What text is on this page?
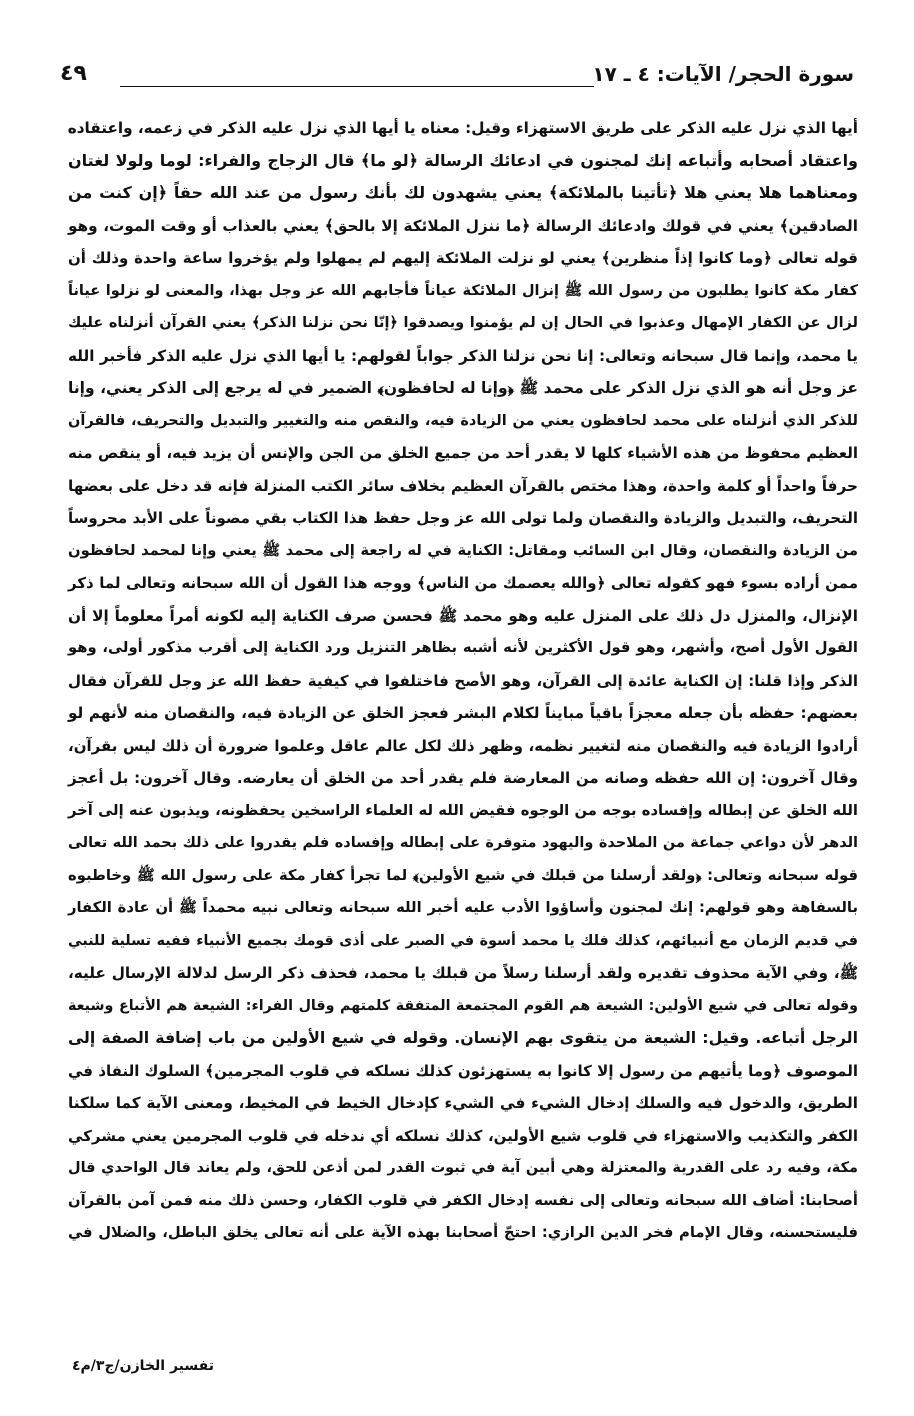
سورة الحجر/ الآيات: ٤ ـ ١٧
٤٩
أيها الذي نزل عليه الذكر على طريق الاستهزاء وقيل: معناه يا أيها الذي نزل عليه الذكر في زعمه، واعتقاده
واعتقاد أصحابه وأتباعه إنك لمجنون في ادعائك الرسالة ﴿لو ما﴾ قال الزجاج والفراء: لوما ولولا لغتان
ومعناهما هلا يعني هلا ﴿تأتينا بالملائكة﴾ يعني يشهدون لك بأنك رسول من عند الله حقاً ﴿إن كنت من
الصادقين﴾ يعني في قولك وادعائك الرسالة ﴿ما ننزل الملائكة إلا بالحق﴾ يعني بالعذاب أو وقت الموت، وهو
قوله تعالى ﴿وما كانوا إذاً منظرين﴾ يعني لو نزلت الملائكة إليهم لم يمهلوا ولم يؤخروا ساعة واحدة وذلك أن
كفار مكة كانوا يطلبون من رسول الله ﷺ إنزال الملائكة عياناً فأجابهم الله عز وجل بهذا، والمعنى لو نزلوا عياناً
لزال عن الكفار الإمهال وعذبوا في الحال إن لم يؤمنوا ويصدقوا ﴿إنّا نحن نزلنا الذكر﴾ يعني القرآن أنزلناه عليك
يا محمد، وإنما قال سبحانه وتعالى: إنا نحن نزلنا الذكر جواباً لقولهم: يا أيها الذي نزل عليه الذكر فأخبر الله
عز وجل أنه هو الذي نزل الذكر على محمد ﷺ ﴿وإنا له لحافظون﴾ الضمير في له يرجع إلى الذكر يعني، وإنا
للذكر الذي أنزلناه على محمد لحافظون يعني من الزيادة فيه، والنقص منه والتغيير والتبديل والتحريف، فالقرآن
العظيم محفوظ من هذه الأشياء كلها لا يقدر أحد من جميع الخلق من الجن والإنس أن يزيد فيه، أو ينقص منه
حرفاً واحداً أو كلمة واحدة، وهذا مختص بالقرآن العظيم بخلاف سائر الكتب المنزلة فإنه قد دخل على بعضها
التحريف، والتبديل والزيادة والنقصان ولما تولى الله عز وجل حفظ هذا الكتاب بقي مصوناً على الأبد محروساً
من الزيادة والنقصان، وقال ابن السائب ومقاتل: الكناية في له راجعة إلى محمد ﷺ يعني وإنا لمحمد لحافظون
ممن أراده بسوء فهو كقوله تعالى ﴿والله يعصمك من الناس﴾ ووجه هذا القول أن الله سبحانه وتعالى لما ذكر
الإنزال، والمنزل دل ذلك على المنزل عليه وهو محمد ﷺ فحسن صرف الكناية إليه لكونه أمراً معلوماً إلا أن
القول الأول أصح، وأشهر، وهو قول الأكثرين لأنه أشبه بظاهر التنزيل ورد الكناية إلى أقرب مذكور أولى، وهو
الذكر وإذا قلنا: إن الكناية عائدة إلى القرآن، وهو الأصح فاختلفوا في كيفية حفظ الله عز وجل للقرآن فقال
بعضهم: حفظه بأن جعله معجزاً باقياً مبايناً لكلام البشر فعجز الخلق عن الزيادة فيه، والنقصان منه لأنهم لو
أرادوا الزيادة فيه والنقصان منه لتغيير نظمه، وظهر ذلك لكل عالم عاقل وعلموا ضرورة أن ذلك ليس بقرآن،
وقال آخرون: إن الله حفظه وصانه من المعارضة فلم يقدر أحد من الخلق أن يعارضه. وقال آخرون: بل أعجز
الله الخلق عن إبطاله وإفساده بوجه من الوجوه فقيض الله له العلماء الراسخين يحفظونه، ويذبون عنه إلى آخر
الدهر لأن دواعي جماعة من الملاحدة واليهود متوفرة على إبطاله وإفساده فلم يقدروا على ذلك بحمد الله تعالى
قوله سبحانه وتعالى: ﴿ولقد أرسلنا من قبلك في شيع الأولين﴾ لما تجرأ كفار مكة على رسول الله ﷺ وخاطبوه
بالسفاهة وهو قولهم: إنك لمجنون وأساؤوا الأدب عليه أخبر الله سبحانه وتعالى نبيه محمداً ﷺ أن عادة الكفار
في قديم الزمان مع أنبيائهم، كذلك فلك يا محمد أسوة في الصبر على أذى قومك بجميع الأنبياء ففيه تسلية للنبي
ﷺ، وفي الآية محذوف تقديره ولقد أرسلنا رسلاً من قبلك يا محمد، فحذف ذكر الرسل لدلالة الإرسال عليه،
وقوله تعالى في شيع الأولين: الشيعة هم القوم المجتمعة المتفقة كلمتهم وقال الفراء: الشيعة هم الأتباع وشيعة
الرجل أتباعه. وقيل: الشيعة من يتقوى بهم الإنسان. وقوله في شيع الأولين من باب إضافة الصفة إلى
الموصوف ﴿وما يأتيهم من رسول إلا كانوا به يستهزئون كذلك نسلكه في قلوب المجرمين﴾ السلوك النفاذ في
الطريق، والدخول فيه والسلك إدخال الشيء في الشيء كإدخال الخيط في المخيط، ومعنى الآية كما سلكنا
الكفر والتكذيب والاستهزاء في قلوب شيع الأولين، كذلك نسلكه أي ندخله في قلوب المجرمين يعني مشركي
مكة، وفيه رد على القدرية والمعتزلة وهي أبين آية في ثبوت القدر لمن أذعن للحق، ولم يعاند قال الواحدي قال
أصحابنا: أضاف الله سبحانه وتعالى إلى نفسه إدخال الكفر في قلوب الكفار، وحسن ذلك منه فمن آمن بالقرآن
فليستحسنه، وقال الإمام فخر الدين الرازي: احتجّ أصحابنا بهذه الآية على أنه تعالى يخلق الباطل، والضلال في
تفسير الخازن/ج٣/م٤
